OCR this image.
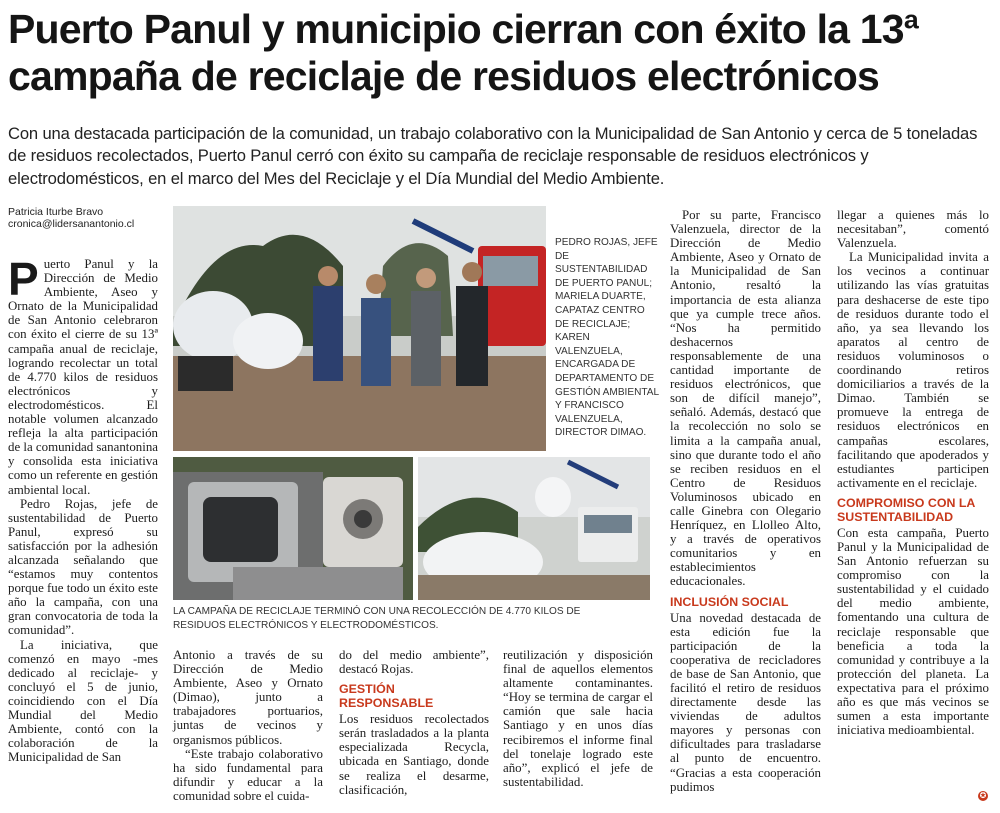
Puerto Panul y municipio cierran con éxito la 13ª campaña de reciclaje de residuos electrónicos
Con una destacada participación de la comunidad, un trabajo colaborativo con la Municipalidad de San Antonio y cerca de 5 toneladas de residuos recolectados, Puerto Panul cerró con éxito su campaña de reciclaje responsable de residuos electrónicos y electrodomésticos, en el marco del Mes del Reciclaje y el Día Mundial del Medio Ambiente.
Patricia Iturbe Bravo
cronica@lidersanantonio.cl
P uerto Panul y la Dirección de Medio Ambiente, Aseo y Ornato de la Municipalidad de San Antonio celebraron con éxito el cierre de su 13ª campaña anual de reciclaje, logrando recolectar un total de 4.770 kilos de residuos electrónicos y electrodomésticos. El notable volumen alcanzado refleja la alta participación de la comunidad sanantonina y consolida esta iniciativa como un referente en gestión ambiental local.

Pedro Rojas, jefe de sustentabilidad de Puerto Panul, expresó su satisfacción por la adhesión alcanzada señalando que “estamos muy contentos porque fue todo un éxito este año la campaña, con una gran convocatoria de toda la comunidad”.

La iniciativa, que comenzó en mayo -mes dedicado al reciclaje- y concluyó el 5 de junio, coincidiendo con el Día Mundial del Medio Ambiente, contó con la colaboración de la Municipalidad de San

PEDRO ROJAS, JEFE DE SUSTENTABILIDAD DE PUERTO PANUL; MARIELA DUARTE, CAPATAZ CENTRO DE RECICLAJE; KAREN VALENZUELA, ENCARGADA DE DEPARTAMENTO DE GESTIÓN AMBIENTAL Y FRANCISCO VALENZUELA, DIRECTOR DIMAO.
LA CAMPAÑA DE RECICLAJE TERMINÓ CON UNA RECOLECCIÓN DE 4.770 KILOS DE RESIDUOS ELECTRÓNICOS Y ELECTRODOMÉSTICOS.

Antonio a través de su Dirección de Medio Ambiente, Aseo y Ornato (Dimao), junto a trabajadores portuarios, juntas de vecinos y organismos públicos.

“Este trabajo colaborativo ha sido fundamental para difundir y educar a la comunidad sobre el cuida-

do del medio ambiente”, destacó Rojas.

GESTIÓN RESPONSABLE

Los residuos recolectados serán trasladados a la planta especializada Recycla, ubicada en Santiago, donde se realiza el desarme, clasificación,

reutilización y disposición final de aquellos elementos altamente contaminantes. “Hoy se termina de cargar el camión que sale hacia Santiago y en unos días recibiremos el informe final del tonelaje logrado este año”, explicó el jefe de sustentabilidad.

Por su parte, Francisco Valenzuela, director de la Dirección de Medio Ambiente, Aseo y Ornato de la Municipalidad de San Antonio, resaltó la importancia de esta alianza que ya cumple trece años. “Nos ha permitido deshacernos responsablemente de una cantidad importante de residuos electrónicos, que son de difícil manejo”, señaló. Además, destacó que la recolección no solo se limita a la campaña anual, sino que durante todo el año se reciben residuos en el Centro de Residuos Voluminosos ubicado en calle Ginebra con Olegario Henríquez, en Llolleo Alto, y a través de operativos comunitarios y en establecimientos educacionales.

INCLUSIÓN SOCIAL

Una novedad destacada de esta edición fue la participación de la cooperativa de recicladores de base de San Antonio, que facilitó el retiro de residuos directamente desde las viviendas de adultos mayores y personas con dificultades para trasladarse al punto de encuentro. “Gracias a esta cooperación pudimos

llegar a quienes más lo necesitaban”, comentó Valenzuela.

La Municipalidad invita a los vecinos a continuar utilizando las vías gratuitas para deshacerse de este tipo de residuos durante todo el año, ya sea llevando los aparatos al centro de residuos voluminosos o coordinando retiros domiciliarios a través de la Dimao. También se promueve la entrega de residuos electrónicos en campañas escolares, facilitando que apoderados y estudiantes participen activamente en el reciclaje.

COMPROMISO CON LA SUSTENTABILIDAD

Con esta campaña, Puerto Panul y la Municipalidad de San Antonio refuerzan su compromiso con la sustentabilidad y el cuidado del medio ambiente, fomentando una cultura de reciclaje responsable que beneficia a toda la comunidad y contribuye a la protección del planeta. La expectativa para el próximo año es que más vecinos se sumen a esta importante iniciativa medioambiental.

✪
